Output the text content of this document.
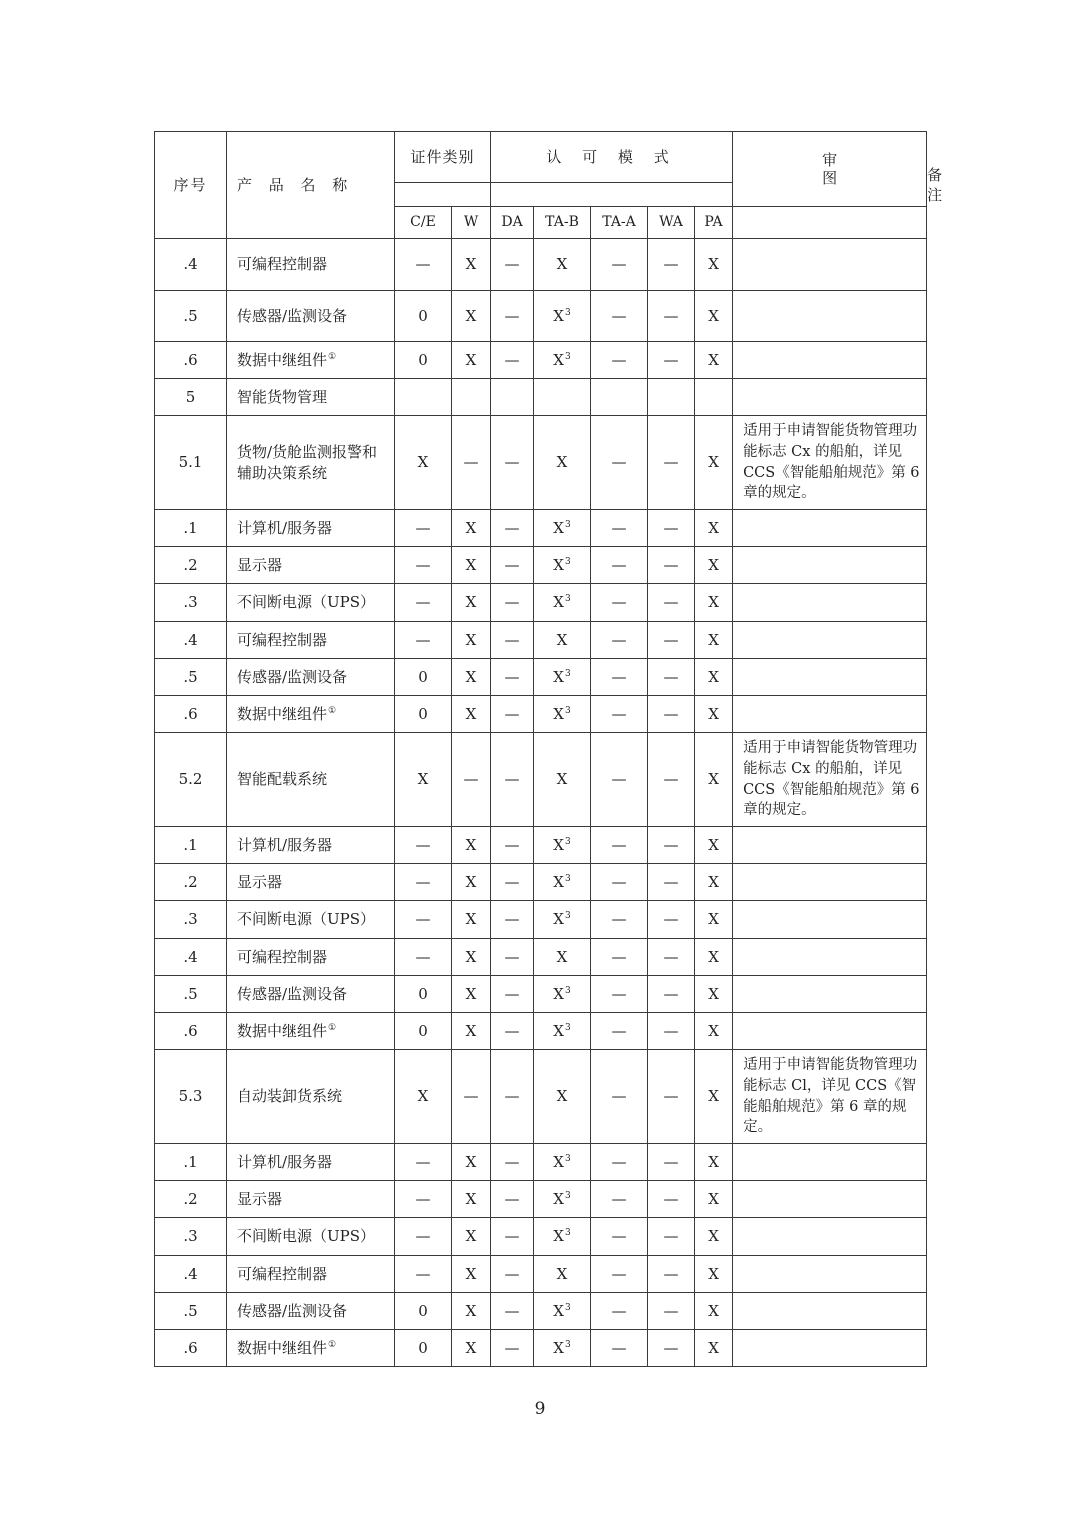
序号	产 品 名 称	证件类别		认 可 模 式					审图	备 注

		C/E	W	DA	TA-B	TA-A	WA	PA		
.4	可编程控制器	—	X	—	X	—	—	X		
.5	传感器/监测设备	0	X	—	$X^3$	—	—	X		
.6	数据中继组件①	0	X	—	$X^3$	—	—	X		
5	智能货物管理									
5.1	货物/货舱监测报警和辅助决策系统	X	—	—	X	—	—	X	适用于申请智能货物管理功能标志 Cx 的船舶，详见 CCS《智能船舶规范》第 6 章的规定。	
.1	计算机/服务器	—	X	—	$X^3$	—	—	X		
.2	显示器	—	X	—	$X^3$	—	—	X		
.3	不间断电源（UPS）	—	X	—	$X^3$	—	—	X		
.4	可编程控制器	—	X	—	X	—	—	X		
.5	传感器/监测设备	0	X	—	$X^3$	—	—	X		
.6	数据中继组件①	0	X	—	$X^3$	—	—	X		
5.2	智能配载系统	X	—	—	X	—	—	X	适用于申请智能货物管理功能标志 Cx 的船舶，详见 CCS《智能船舶规范》第 6 章的规定。	
.1	计算机/服务器	—	X	—	$X^3$	—	—	X		
.2	显示器	—	X	—	$X^3$	—	—	X		
.3	不间断电源（UPS）	—	X	—	$X^3$	—	—	X		
.4	可编程控制器	—	X	—	X	—	—	X		
.5	传感器/监测设备	0	X	—	$X^3$	—	—	X		
.6	数据中继组件①	0	X	—	$X^3$	—	—	X		
5.3	自动装卸货系统	X	—	—	X	—	—	X	适用于申请智能货物管理功能标志 Cl，详见 CCS《智能船舶规范》第 6 章的规定。	
.1	计算机/服务器	—	X	—	$X^3$	—	—	X		
.2	显示器	—	X	—	$X^3$	—	—	X		
.3	不间断电源（UPS）	—	X	—	$X^3$	—	—	X		
.4	可编程控制器	—	X	—	X	—	—	X		
.5	传感器/监测设备	0	X	—	$X^3$	—	—	X		
.6	数据中继组件①	0	X	—	$X^3$	—	—	X		
9
